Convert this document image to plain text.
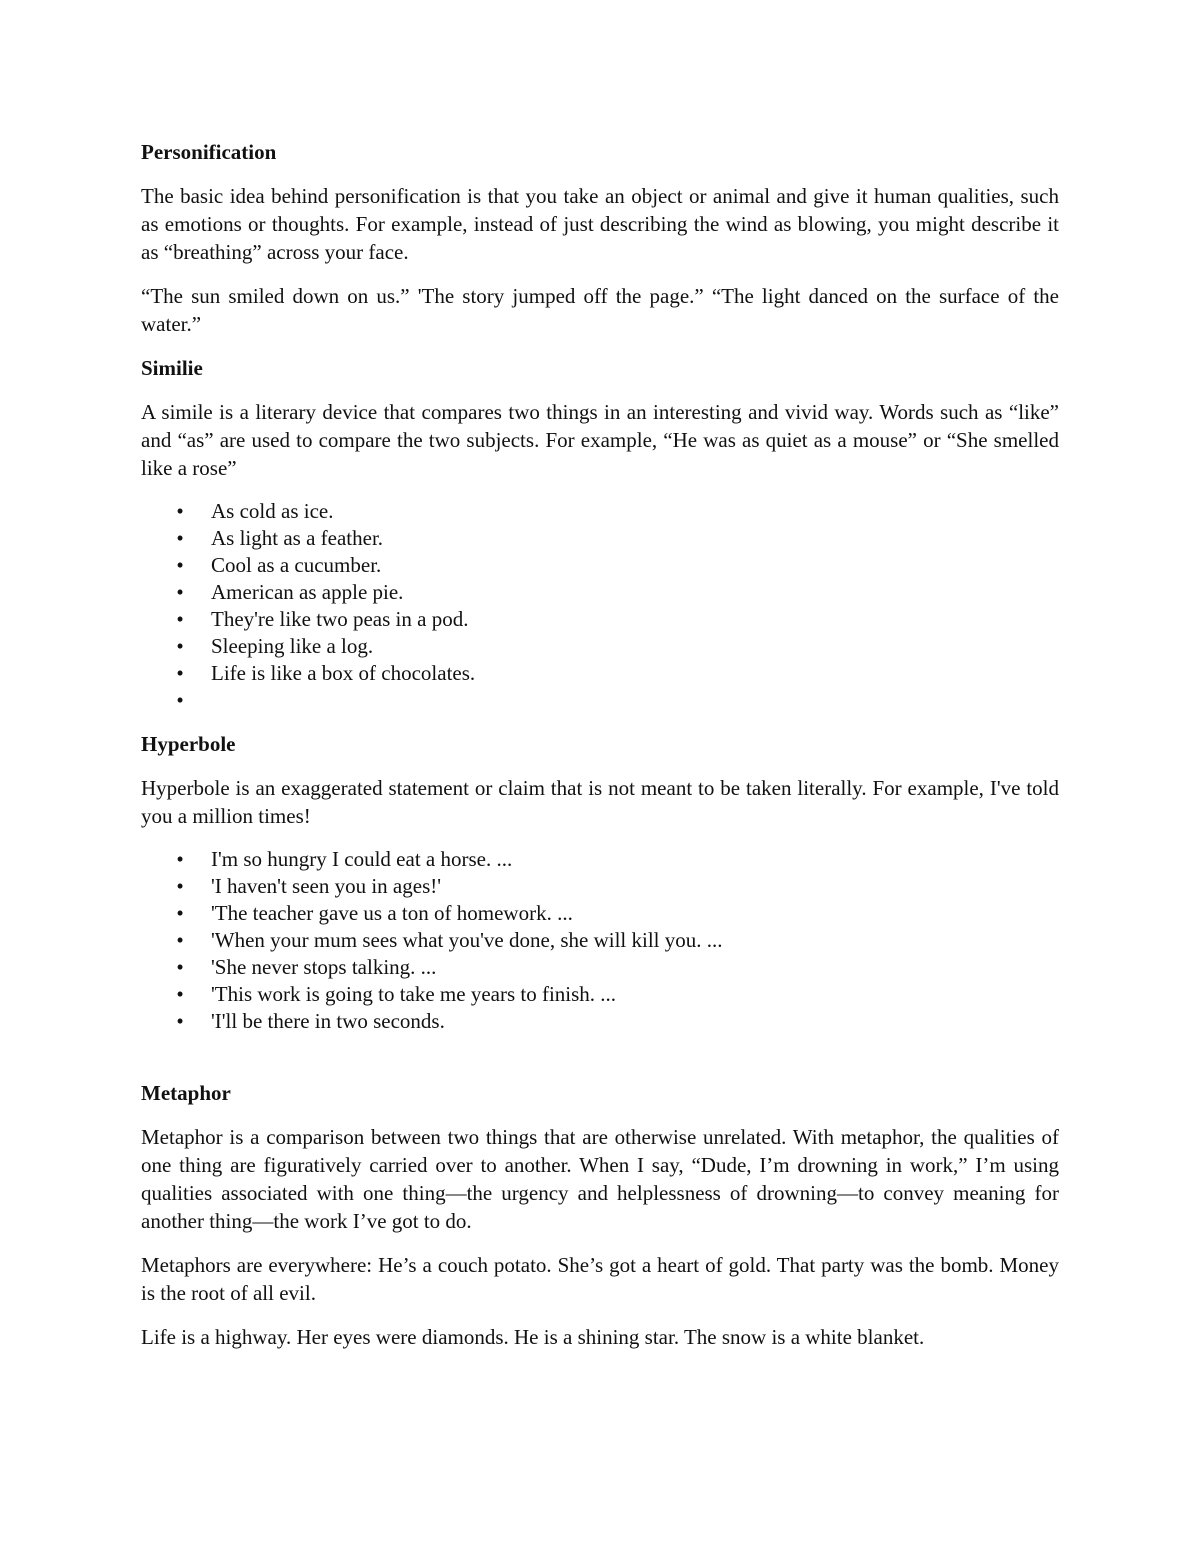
Personification

The basic idea behind personification is that you take an object or animal and give it human qualities, such as emotions or thoughts. For example, instead of just describing the wind as blowing, you might describe it as “breathing” across your face.

“The sun smiled down on us.” 'The story jumped off the page.” “The light danced on the surface of the water.”

Similie

A simile is a literary device that compares two things in an interesting and vivid way. Words such as “like” and “as” are used to compare the two subjects. For example, “He was as quiet as a mouse” or “She smelled like a rose”

• As cold as ice.
• As light as a feather.
• Cool as a cucumber.
• American as apple pie.
• They're like two peas in a pod.
• Sleeping like a log.
• Life is like a box of chocolates.
•
Hyperbole

Hyperbole is an exaggerated statement or claim that is not meant to be taken literally. For example, I've told you a million times!

• I'm so hungry I could eat a horse. ...
• 'I haven't seen you in ages!'
• 'The teacher gave us a ton of homework. ...
• 'When your mum sees what you've done, she will kill you. ...
• 'She never stops talking. ...
• 'This work is going to take me years to finish. ...
• 'I'll be there in two seconds.
Metaphor

Metaphor is a comparison between two things that are otherwise unrelated. With metaphor, the qualities of one thing are figuratively carried over to another. When I say, “Dude, I’m drowning in work,” I’m using qualities associated with one thing—the urgency and helplessness of drowning—to convey meaning for another thing—the work I’ve got to do.

Metaphors are everywhere: He’s a couch potato. She’s got a heart of gold. That party was the bomb. Money is the root of all evil.

Life is a highway. Her eyes were diamonds. He is a shining star. The snow is a white blanket.
